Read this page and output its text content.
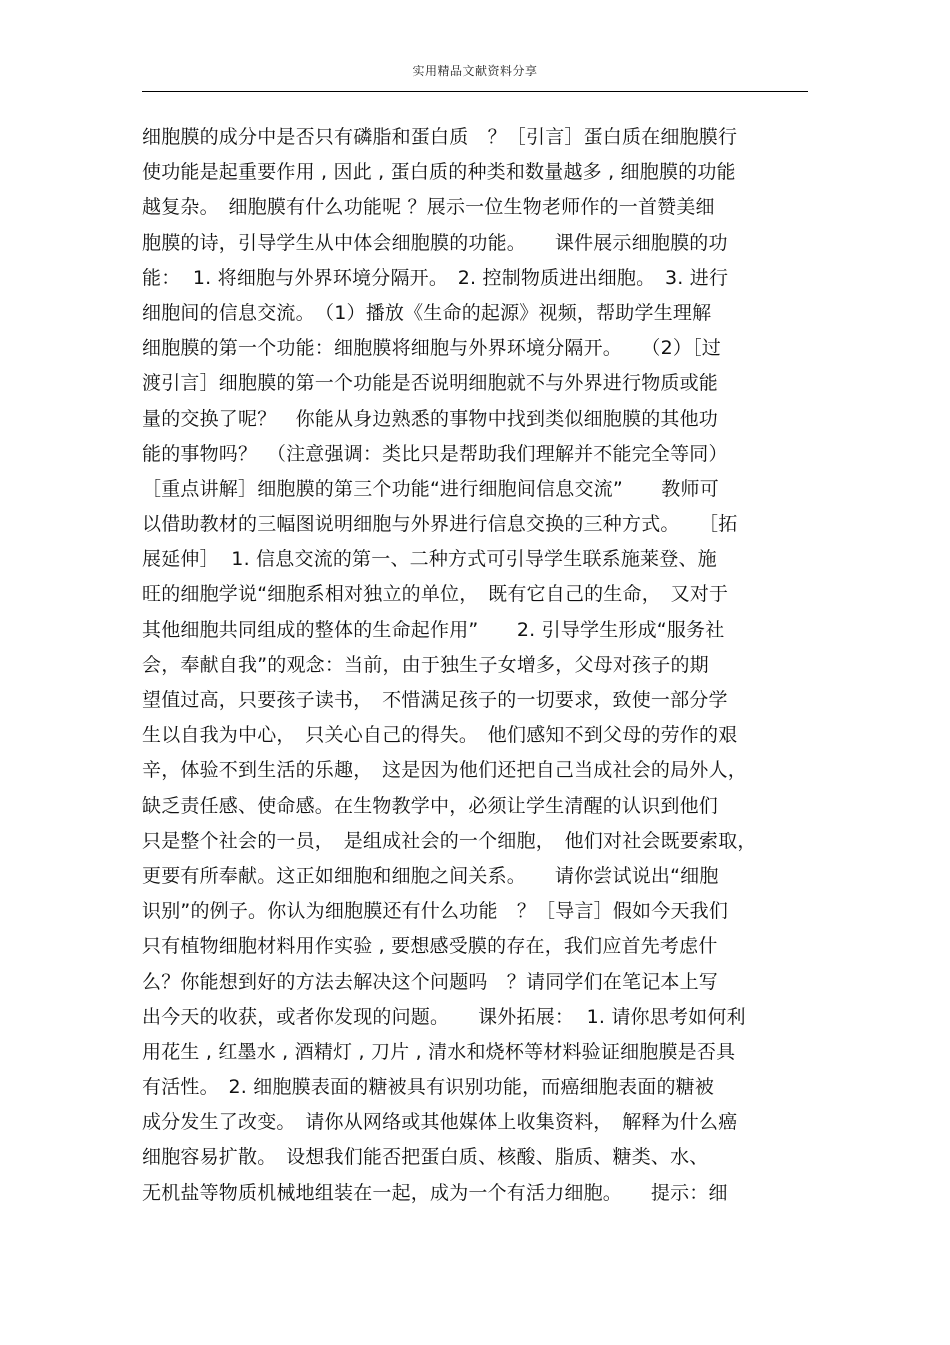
实用精品文献资料分享
细胞膜的成分中是否只有磷脂和蛋白质　？［引言］蛋白质在细胞膜行
使功能是起重要作用 , 因此 , 蛋白质的种类和数量越多 , 细胞膜的功能
越复杂。　细胞膜有什么功能呢 ？展示一位生物老师作的一首赞美细
胞膜的诗，引导学生从中体会细胞膜的功能。　　课件展示细胞膜的功
能：  1. 将细胞与外界环境分隔开。　2. 控制物质进出细胞。　3. 进行
细胞间的信息交流。　（1）播放《生命的起源》视频，帮助学生理解
细胞膜的第一个功能：细胞膜将细胞与外界环境分隔开。　　（2）［过
渡引言］细胞膜的第一个功能是否说明细胞就不与外界进行物质或能
量的交换了呢？　你能从身边熟悉的事物中找到类似细胞膜的其他功
能的事物吗？　（注意强调：类比只是帮助我们理解并不能完全等同）
［重点讲解］细胞膜的第三个功能“进行细胞间信息交流”　　教师可
以借助教材的三幅图说明细胞与外界进行信息交换的三种方式。　　［拓
展延伸］  1. 信息交流的第一、二种方式可引导学生联系施莱登、施
旺的细胞学说“细胞系相对独立的单位，　既有它自己的生命，　又对于
其他细胞共同组成的整体的生命起作用”　　2. 引导学生形成“服务社
会，奉献自我”的观念：当前，由于独生子女增多，父母对孩子的期
望值过高，只要孩子读书，　不惜满足孩子的一切要求，致使一部分学
生以自我为中心，　只关心自己的得失。　他们感知不到父母的劳作的艰
辛，体验不到生活的乐趣，　这是因为他们还把自己当成社会的局外人，
缺乏责任感、使命感。在生物教学中，必须让学生清醒的认识到他们
只是整个社会的一员，　是组成社会的一个细胞，　他们对社会既要索取，
更要有所奉献。这正如细胞和细胞之间关系。　　请你尝试说出“细胞
识别”的例子。你认为细胞膜还有什么功能　？［导言］假如今天我们
只有植物细胞材料用作实验 , 要想感受膜的存在，我们应首先考虑什
么？你能想到好的方法去解决这个问题吗　？请同学们在笔记本上写
出今天的收获，或者你发现的问题。　　课外拓展：  1. 请你思考如何利
用花生 , 红墨水 , 酒精灯 , 刀片 , 清水和烧杯等材料验证细胞膜是否具
有活性。　2. 细胞膜表面的糖被具有识别功能，而癌细胞表面的糖被
成分发生了改变。　请你从网络或其他媒体上收集资料，　解释为什么癌
细胞容易扩散。　设想我们能否把蛋白质、核酸、脂质、糖类、水、
无机盐等物质机械地组装在一起，成为一个有活力细胞。　　提示：细
